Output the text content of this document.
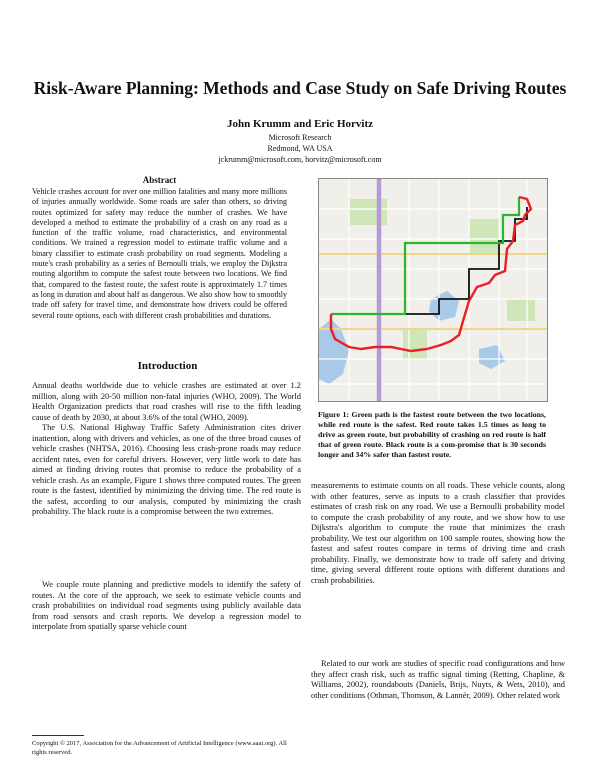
Risk-Aware Planning: Methods and Case Study on Safe Driving Routes
John Krumm and Eric Horvitz
Microsoft Research
Redmond, WA USA
jckrumm@microsoft.com, horvitz@microsoft.com
Abstract
Vehicle crashes account for over one million fatalities and many more millions of injuries annually worldwide. Some roads are safer than others, so driving routes optimized for safety may reduce the number of crashes. We have developed a method to estimate the probability of a crash on any road as a function of the traffic volume, road characteristics, and environmental conditions. We trained a regression model to estimate traffic volume and a binary classifier to estimate crash probability on road segments. Modeling a route's crash probability as a series of Bernoulli trials, we employ the Dijkstra routing algorithm to compute the safest route between two locations. We find that, compared to the fastest route, the safest route is approximately 1.7 times as long in duration and about half as dangerous. We also show how to smoothly trade off safety for travel time, and demonstrate how drivers could be offered several route options, each with different crash probabilities and durations.
Introduction
Annual deaths worldwide due to vehicle crashes are estimated at over 1.2 million, along with 20-50 million non-fatal injuries (WHO, 2009). The World Health Organization predicts that road crashes will rise to the fifth leading cause of death by 2030, at about 3.6% of the total (WHO, 2009).
The U.S. National Highway Traffic Safety Administration cites driver inattention, along with drivers and vehicles, as one of the three broad causes of vehicle crashes (NHTSA, 2016). Choosing less crash-prone roads may reduce accident rates, even for careful drivers. However, very little work to date has aimed at finding driving routes that promise to reduce the probability of a vehicle crash. As an example, Figure 1 shows three computed routes. The green route is the fastest, identified by minimizing the driving time. The red route is the safest, according to our analysis, computed by minimizing the crash probability. The black route is a compromise between the two extremes.
We couple route planning and predictive models to identify the safety of routes. At the core of the approach, we seek to estimate vehicle counts and crash probabilities on individual road segments using publicly available data from road sensors and crash reports. We develop a regression model to interpolate from spatially sparse vehicle count
Copyright © 2017, Association for the Advancement of Artificial Intelligence (www.aaai.org). All rights reserved.
Figure 1: Green path is the fastest route between the two locations, while red route is the safest. Red route takes 1.5 times as long to drive as green route, but probability of crashing on red route is half that of green route. Black route is a com-promise that is 30 seconds longer and 34% safer than fastest route.
measurements to estimate counts on all roads. These vehicle counts, along with other features, serve as inputs to a crash classifier that provides estimates of crash risk on any road. We use a Bernoulli probability model to compute the crash probability of any route, and we show how to use Dijkstra's algorithm to compute the route that minimizes the crash probability. We test our algorithm on 100 sample routes, showing how the fastest and safest routes compare in terms of driving time and crash probability. Finally, we demonstrate how to trade off safety and driving time, giving several different route options with different durations and crash probabilities.
Related to our work are studies of specific road configurations and how they affect crash risk, such as traffic signal timing (Retting, Chapline, & Williams, 2002), roundabouts (Daniels, Brijs, Nuyts, & Wets, 2010), and other conditions (Othman, Thomson, & Lannér, 2009). Other related work
